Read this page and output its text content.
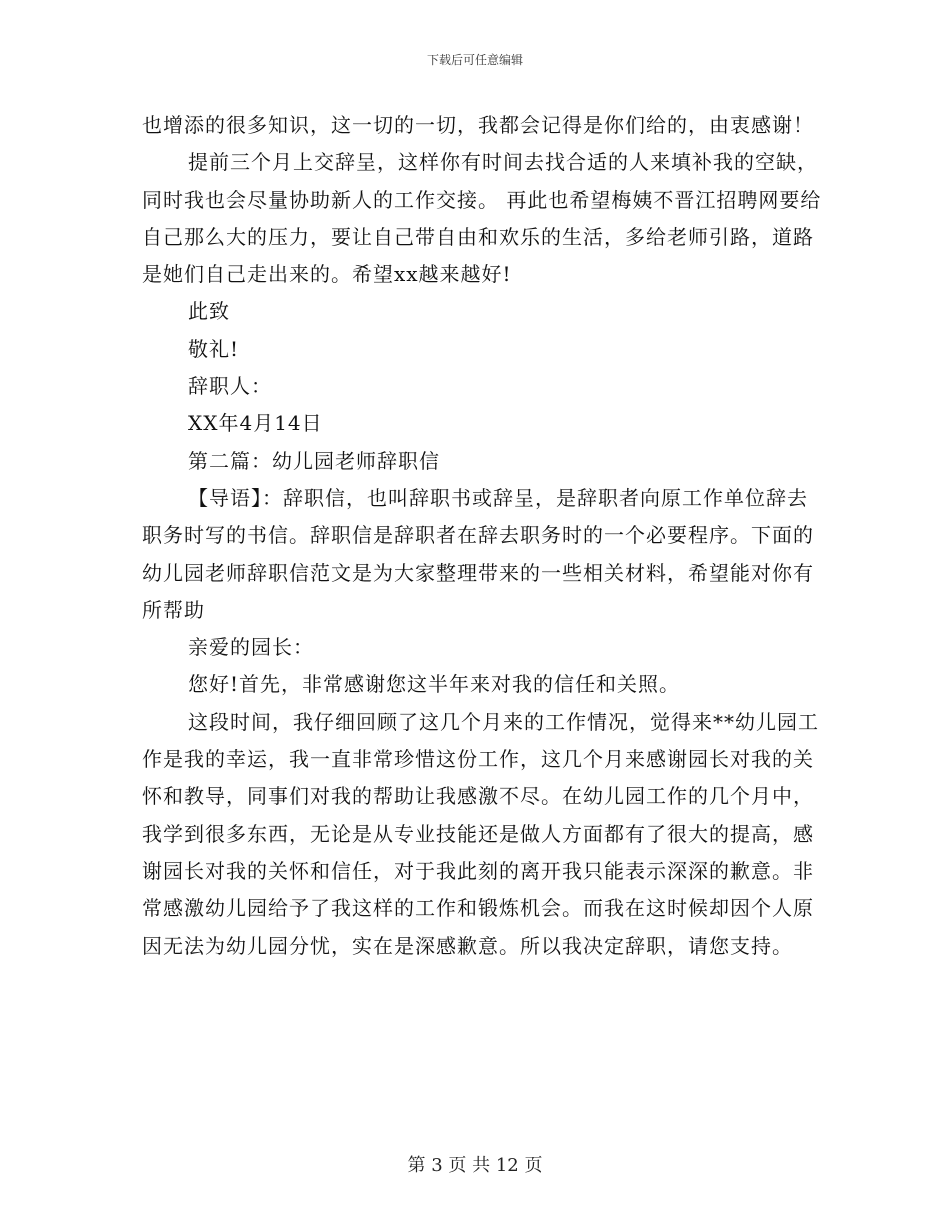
下载后可任意编辑

也增添的很多知识，这一切的一切，我都会记得是你们给的，由衷感谢！

提前三个月上交辞呈，这样你有时间去找合适的人来填补我的空缺，同时我也会尽量协助新人的工作交接。 再此也希望梅姨不晋江招聘网要给自己那么大的压力，要让自己带自由和欢乐的生活，多给老师引路，道路是她们自己走出来的。希望xx越来越好!

此致

敬礼!

辞职人：

XX年4月14日

第二篇：幼儿园老师辞职信

【导语】：辞职信，也叫辞职书或辞呈，是辞职者向原工作单位辞去职务时写的书信。辞职信是辞职者在辞去职务时的一个必要程序。下面的幼儿园老师辞职信范文是为大家整理带来的一些相关材料，希望能对你有所帮助

亲爱的园长：

您好!首先，非常感谢您这半年来对我的信任和关照。

这段时间，我仔细回顾了这几个月来的工作情况，觉得来**幼儿园工作是我的幸运，我一直非常珍惜这份工作，这几个月来感谢园长对我的关怀和教导，同事们对我的帮助让我感激不尽。在幼儿园工作的几个月中，我学到很多东西，无论是从专业技能还是做人方面都有了很大的提高，感谢园长对我的关怀和信任，对于我此刻的离开我只能表示深深的歉意。非常感激幼儿园给予了我这样的工作和锻炼机会。而我在这时候却因个人原因无法为幼儿园分忧，实在是深感歉意。所以我决定辞职，请您支持。

第 3 页 共 12 页
